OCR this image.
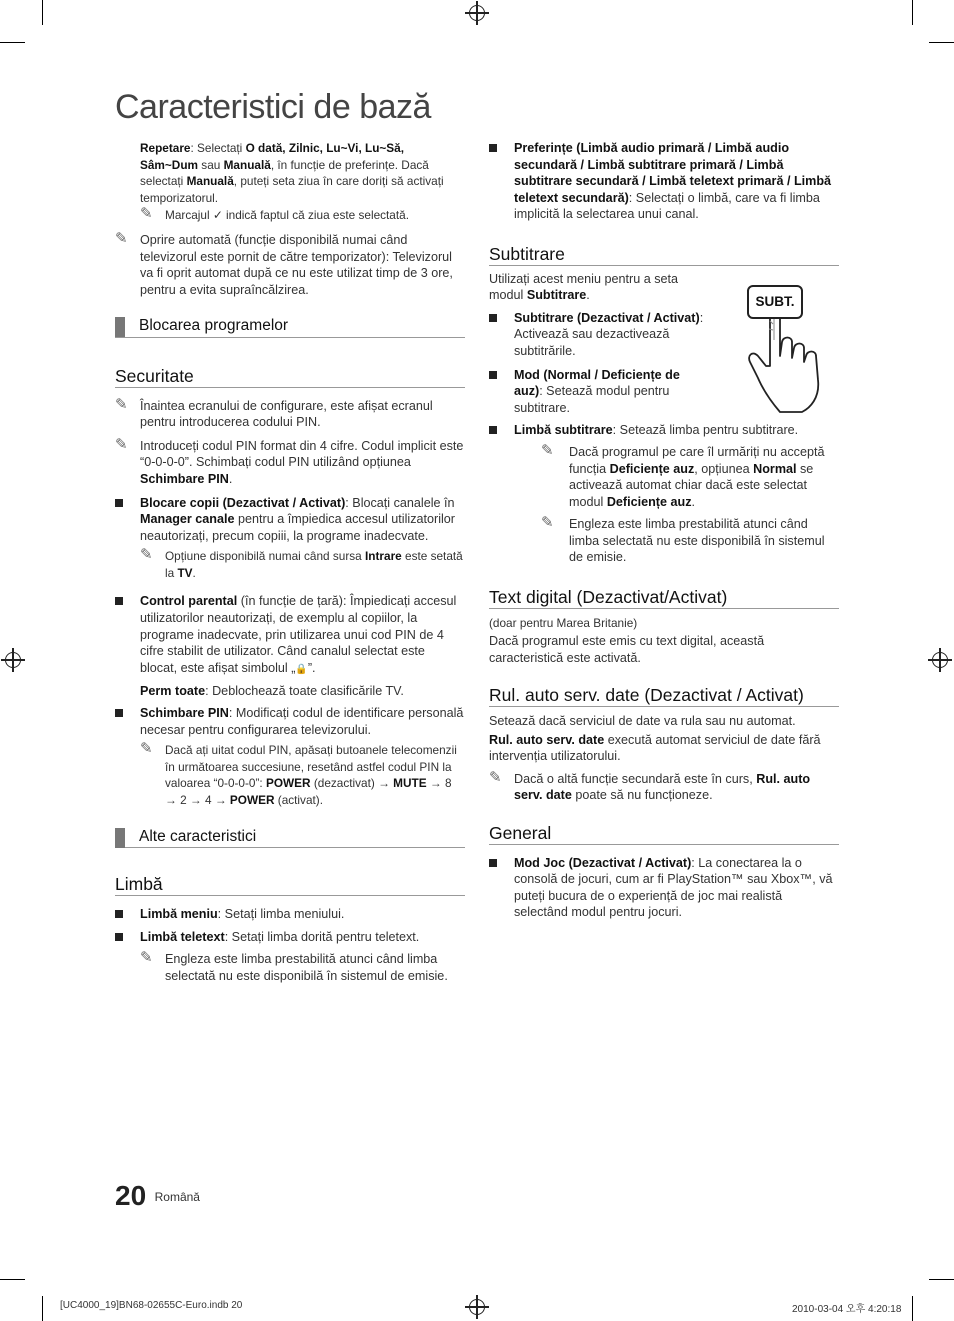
Caracteristici de bază
Repetare: Selectați O dată, Zilnic, Lu~Vi, Lu~Să, Sâm~Dum sau Manuală, în funcție de preferințe. Dacă selectați Manuală, puteți seta ziua în care doriți să activați temporizatorul.
✎ Marcajul ✓ indică faptul că ziua este selectată.
✎ Oprire automată (funcție disponibilă numai când televizorul este pornit de către temporizator): Televizorul va fi oprit automat după ce nu este utilizat timp de 3 ore, pentru a evita supraîncălzirea.
Blocarea programelor
Securitate
✎ Înaintea ecranului de configurare, este afișat ecranul pentru introducerea codului PIN.
✎ Introduceți codul PIN format din 4 cifre. Codul implicit este “0-0-0-0”. Schimbați codul PIN utilizând opțiunea Schimbare PIN.
Blocare copii (Dezactivat / Activat): Blocați canalele în Manager canale pentru a împiedica accesul utilizatorilor neautorizați, precum copiii, la programe inadecvate.
✎ Opțiune disponibilă numai când sursa Intrare este setată la TV.
Control parental (în funcție de țară): Împiedicați accesul utilizatorilor neautorizați, de exemplu al copiilor, la programe inadecvate, prin utilizarea unui cod PIN de 4 cifre stabilit de utilizator. Când canalul selectat este blocat, este afișat simbolul „🔒”.

Perm toate: Deblochează toate clasificările TV.

Schimbare PIN: Modificați codul de identificare personală necesar pentru configurarea televizorului.
✎ Dacă ați uitat codul PIN, apăsați butoanele telecomenzii în următoarea succesiune, resetând astfel codul PIN la valoarea “0-0-0-0”: POWER (dezactivat) → MUTE → 8 → 2 → 4 → POWER (activat).
Alte caracteristici
Limbă
Limbă meniu: Setați limba meniului.
Limbă teletext: Setați limba dorită pentru teletext.
✎ Engleza este limba prestabilită atunci când limba selectată nu este disponibilă în sistemul de emisie.
Preferințe (Limbă audio primară / Limbă audio secundară / Limbă subtitrare primară / Limbă subtitrare secundară / Limbă teletext primară / Limbă teletext secundară): Selectați o limbă, care va fi limba implicită la selectarea unui canal.
Subtitrare
Utilizați acest meniu pentru a seta modul Subtitrare.
Subtitrare (Dezactivat / Activat): Activează sau dezactivează subtitrările.
Mod (Normal / Deficiențe de auz): Setează modul pentru subtitrare.
Limbă subtitrare: Setează limba pentru subtitrare.
✎ Dacă programul pe care îl urmăriți nu acceptă funcția Deficiențe auz, opțiunea Normal se activează automat chiar dacă este selectat modul Deficiențe auz.
✎ Engleza este limba prestabilită atunci când limba selectată nu este disponibilă în sistemul de emisie.
Text digital (Dezactivat/Activat)

(doar pentru Marea Britanie)

Dacă programul este emis cu text digital, această caracteristică este activată.

Rul. auto serv. date (Dezactivat / Activat)

Setează dacă serviciul de date va rula sau nu automat.

Rul. auto serv. date execută automat serviciul de date fără intervenția utilizatorului.

✎ Dacă o altă funcție secundară este în curs, Rul. auto serv. date poate să nu funcționeze.
General
Mod Joc (Dezactivat / Activat): La conectarea la o consolă de jocuri, cum ar fi PlayStation™ sau Xbox™, vă puteți bucura de o experiență de joc mai realistă selectând modul pentru jocuri.
SUBT.
20 $^{Română}$
[UC4000_19]BN68-02655C-Euro.indb 20	2010-03-04 오후 4:20:18
